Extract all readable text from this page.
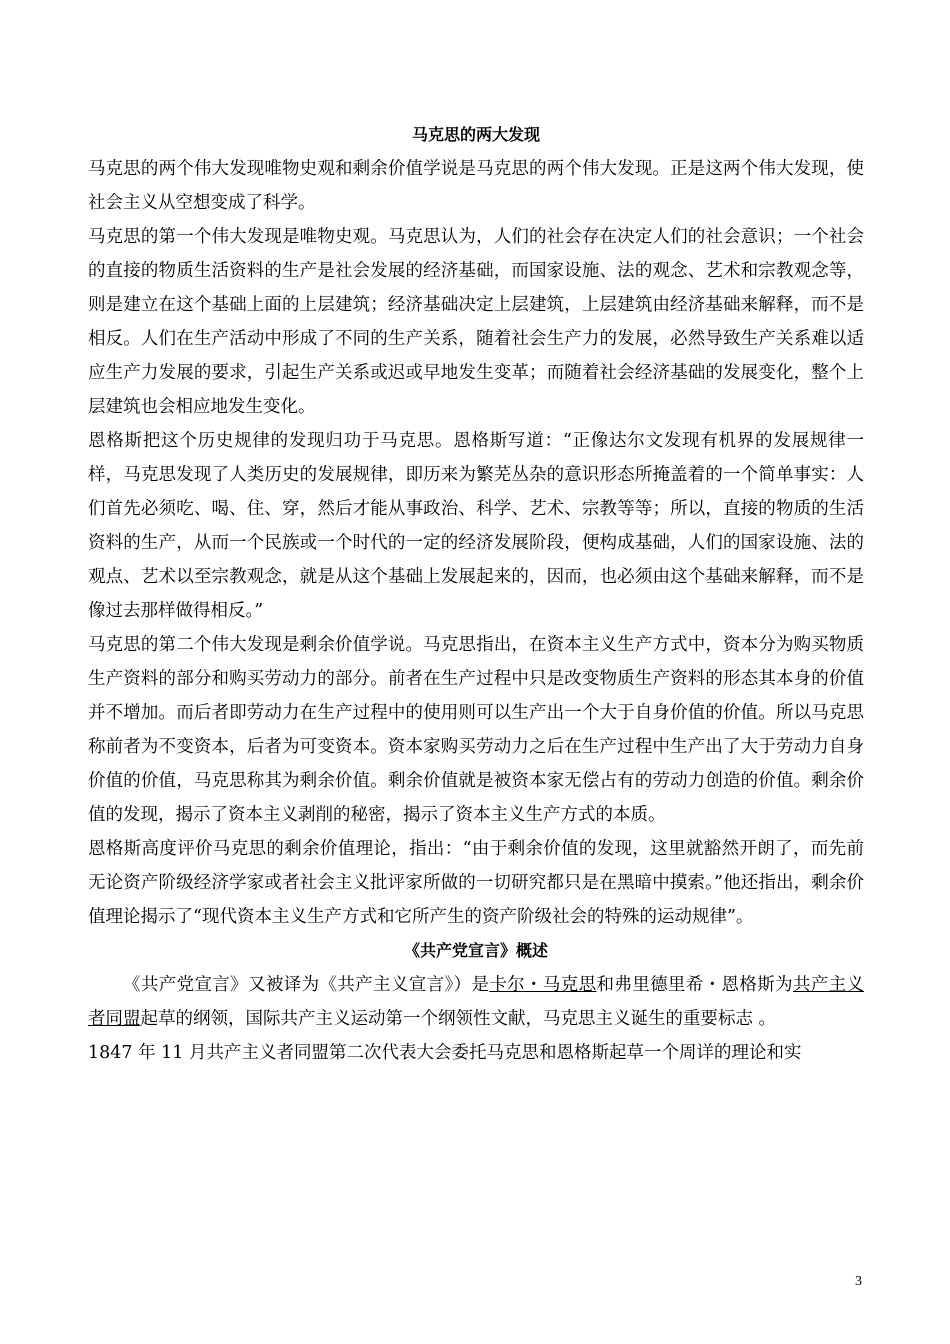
马克思的两大发现

马克思的两个伟大发现唯物史观和剩余价值学说是马克思的两个伟大发现。正是这两个伟大发现，使社会主义从空想变成了科学。

马克思的第一个伟大发现是唯物史观。马克思认为，人们的社会存在决定人们的社会意识；一个社会的直接的物质生活资料的生产是社会发展的经济基础，而国家设施、法的观念、艺术和宗教观念等，则是建立在这个基础上面的上层建筑；经济基础决定上层建筑，上层建筑由经济基础来解释，而不是相反。人们在生产活动中形成了不同的生产关系，随着社会生产力的发展，必然导致生产关系难以适应生产力发展的要求，引起生产关系或迟或早地发生变革；而随着社会经济基础的发展变化，整个上层建筑也会相应地发生变化。

恩格斯把这个历史规律的发现归功于马克思。恩格斯写道：“正像达尔文发现有机界的发展规律一样，马克思发现了人类历史的发展规律，即历来为繁芜丛杂的意识形态所掩盖着的一个简单事实：人们首先必须吃、喝、住、穿，然后才能从事政治、科学、艺术、宗教等等；所以，直接的物质的生活资料的生产，从而一个民族或一个时代的一定的经济发展阶段，便构成基础，人们的国家设施、法的观点、艺术以至宗教观念，就是从这个基础上发展起来的，因而，也必须由这个基础来解释，而不是像过去那样做得相反。”

马克思的第二个伟大发现是剩余价值学说。马克思指出，在资本主义生产方式中，资本分为购买物质生产资料的部分和购买劳动力的部分。前者在生产过程中只是改变物质生产资料的形态其本身的价值并不增加。而后者即劳动力在生产过程中的使用则可以生产出一个大于自身价值的价值。所以马克思称前者为不变资本，后者为可变资本。资本家购买劳动力之后在生产过程中生产出了大于劳动力自身价值的价值，马克思称其为剩余价值。剩余价值就是被资本家无偿占有的劳动力创造的价值。剩余价值的发现，揭示了资本主义剥削的秘密，揭示了资本主义生产方式的本质。

恩格斯高度评价马克思的剩余价值理论，指出：“由于剩余价值的发现，这里就豁然开朗了，而先前无论资产阶级经济学家或者社会主义批评家所做的一切研究都只是在黑暗中摸索。”他还指出，剩余价值理论揭示了“现代资本主义生产方式和它所产生的资产阶级社会的特殊的运动规律”。

《共产党宣言》概述

《共产党宣言》又被译为《共产主义宣言》）是卡尔・马克思和弗里德里希・恩格斯为共产主义者同盟起草的纲领，国际共产主义运动第一个纲领性文献，马克思主义诞生的重要标志 。

1847 年 11 月共产主义者同盟第二次代表大会委托马克思和恩格斯起草一个周详的理论和实

3
